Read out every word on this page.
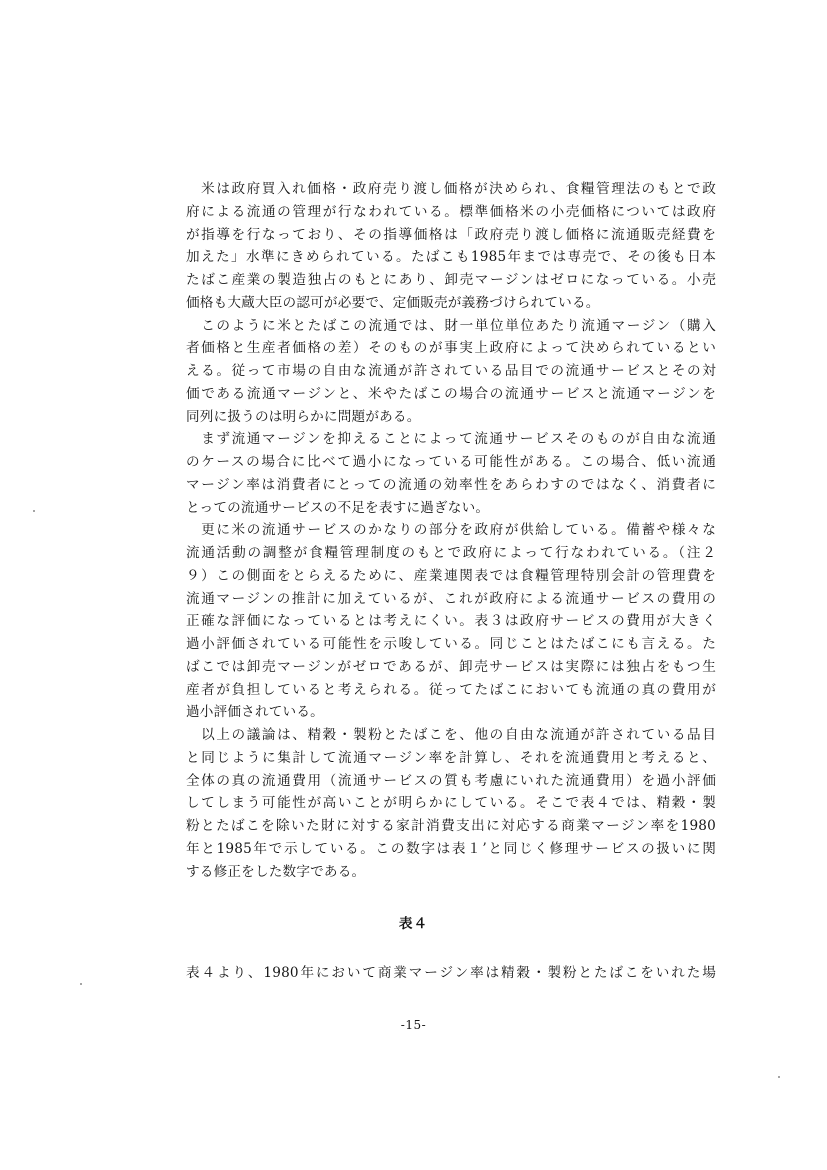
　米は政府買入れ価格・政府売り渡し価格が決められ、食糧管理法のもとで政
府による流通の管理が行なわれている。標準価格米の小売価格については政府
が指導を行なっており、その指導価格は「政府売り渡し価格に流通販売経費を
加えた」水準にきめられている。たばこも1985年までは専売で、その後も日本
たばこ産業の製造独占のもとにあり、卸売マージンはゼロになっている。小売
価格も大蔵大臣の認可が必要で、定価販売が義務づけられている。
　このように米とたばこの流通では、財一単位単位あたり流通マージン（購入
者価格と生産者価格の差）そのものが事実上政府によって決められているとい
える。従って市場の自由な流通が許されている品目での流通サービスとその対
価である流通マージンと、米やたばこの場合の流通サービスと流通マージンを
同列に扱うのは明らかに問題がある。
　まず流通マージンを抑えることによって流通サービスそのものが自由な流通
のケースの場合に比べて過小になっている可能性がある。この場合、低い流通
マージン率は消費者にとっての流通の効率性をあらわすのではなく、消費者に
とっての流通サービスの不足を表すに過ぎない。
　更に米の流通サービスのかなりの部分を政府が供給している。備蓄や様々な
流通活動の調整が食糧管理制度のもとで政府によって行なわれている。（注２
９）この側面をとらえるために、産業連関表では食糧管理特別会計の管理費を
流通マージンの推計に加えているが、これが政府による流通サービスの費用の
正確な評価になっているとは考えにくい。表３は政府サービスの費用が大きく
過小評価されている可能性を示唆している。同じことはたばこにも言える。た
ばこでは卸売マージンがゼロであるが、卸売サービスは実際には独占をもつ生
産者が負担していると考えられる。従ってたばこにおいても流通の真の費用が
過小評価されている。
　以上の議論は、精穀・製粉とたばこを、他の自由な流通が許されている品目
と同じように集計して流通マージン率を計算し、それを流通費用と考えると、
全体の真の流通費用（流通サービスの質も考慮にいれた流通費用）を過小評価
してしまう可能性が高いことが明らかにしている。そこで表４では、精穀・製
粉とたばこを除いた財に対する家計消費支出に対応する商業マージン率を1980
年と1985年で示している。この数字は表１’と同じく修理サービスの扱いに関
する修正をした数字である。
表４
表４より、1980年において商業マージン率は精穀・製粉とたばこをいれた場
-15-
